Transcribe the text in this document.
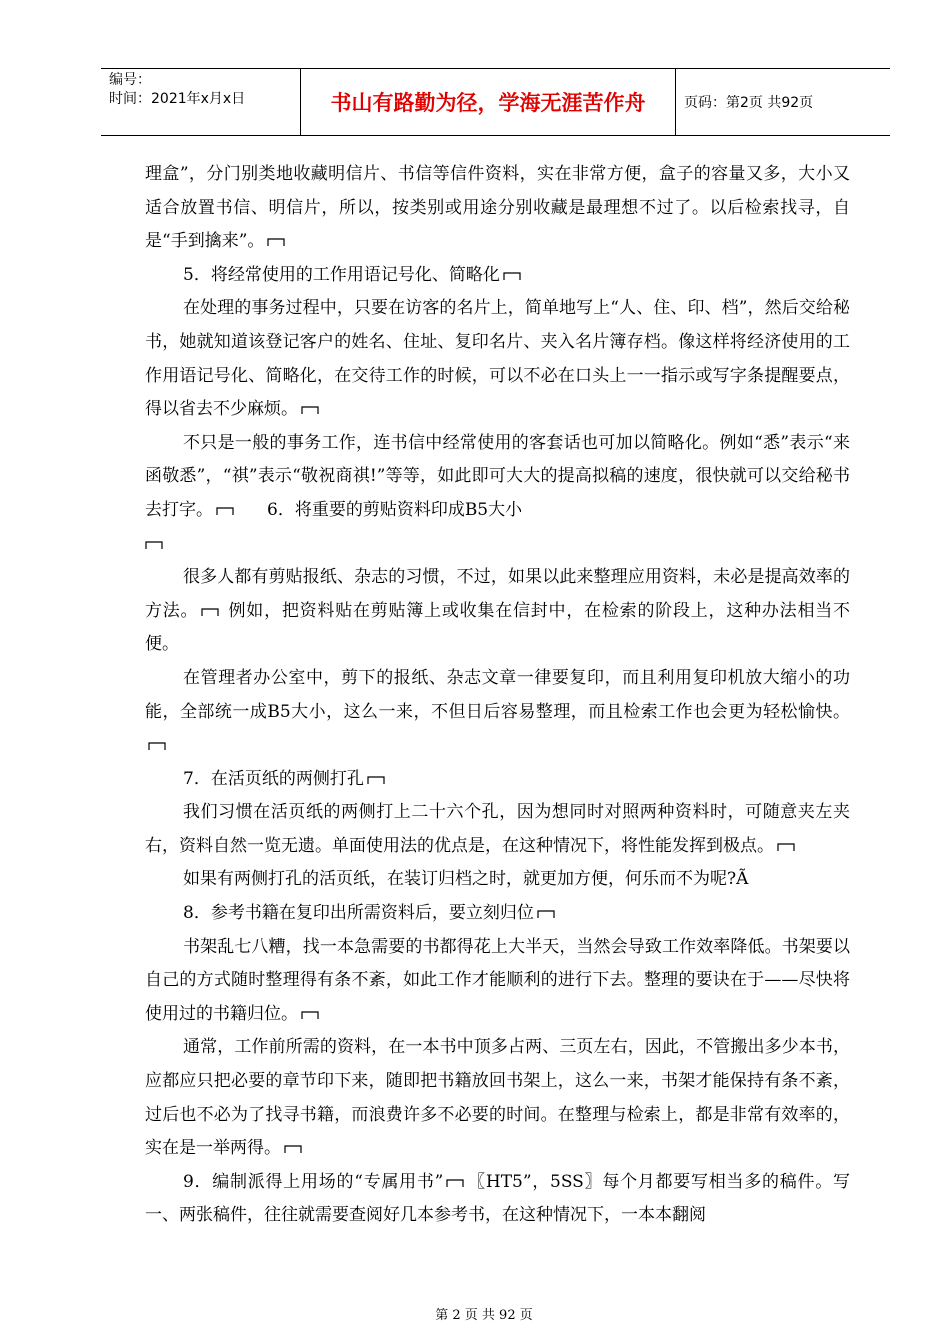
编号：
时间：2021年x月x日	书山有路勤为径，学海无涯苦作舟	页码：第2页 共92页

理盒”，分门别类地收藏明信片、书信等信件资料，实在非常方便，盒子的容量又多，大小又适合放置书信、明信片，所以，按类别或用途分别收藏是最理想不过了。以后检索找寻，自是“手到擒来”。

5．将经常使用的工作用语记号化、简略化

在处理的事务过程中，只要在访客的名片上，简单地写上“人、住、印、档”，然后交给秘书，她就知道该登记客户的姓名、住址、复印名片、夹入名片簿存档。像这样将经济使用的工作用语记号化、简略化，在交待工作的时候，可以不必在口头上一一指示或写字条提醒要点，得以省去不少麻烦。

不只是一般的事务工作，连书信中经常使用的客套话也可加以简略化。例如“悉”表示“来函敬悉”，“祺”表示“敬祝商祺!”等等，如此即可大大的提高拟稿的速度，很快就可以交给秘书去打字。	6．将重要的剪贴资料印成B5大小

很多人都有剪贴报纸、杂志的习惯，不过，如果以此来整理应用资料，未必是提高效率的方法。 例如，把资料贴在剪贴簿上或收集在信封中，在检索的阶段上，这种办法相当不便。

在管理者办公室中，剪下的报纸、杂志文章一律要复印，而且利用复印机放大缩小的功能，全部统一成B5大小，这么一来，不但日后容易整理，而且检索工作也会更为轻松愉快。

7．在活页纸的两侧打孔

我们习惯在活页纸的两侧打上二十六个孔，因为想同时对照两种资料时，可随意夹左夹右，资料自然一览无遗。单面使用法的优点是，在这种情况下，将性能发挥到极点。

如果有两侧打孔的活页纸，在装订归档之时，就更加方便，何乐而不为呢?Ã

8．参考书籍在复印出所需资料后，要立刻归位

书架乱七八糟，找一本急需要的书都得花上大半天，当然会导致工作效率降低。书架要以自己的方式随时整理得有条不紊，如此工作才能顺利的进行下去。整理的要诀在于——尽快将使用过的书籍归位。

通常，工作前所需的资料，在一本书中顶多占两、三页左右，因此，不管搬出多少本书，应都应只把必要的章节印下来，随即把书籍放回书架上，这么一来，书架才能保持有条不紊，过后也不必为了找寻书籍，而浪费许多不必要的时间。在整理与检索上，都是非常有效率的，实在是一举两得。

9．编制派得上用场的“专属用书” 〖HT5”，5SS〗每个月都要写相当多的稿件。写一、两张稿件，往往就需要查阅好几本参考书，在这种情况下，一本本翻阅

第 2 页 共 92 页
